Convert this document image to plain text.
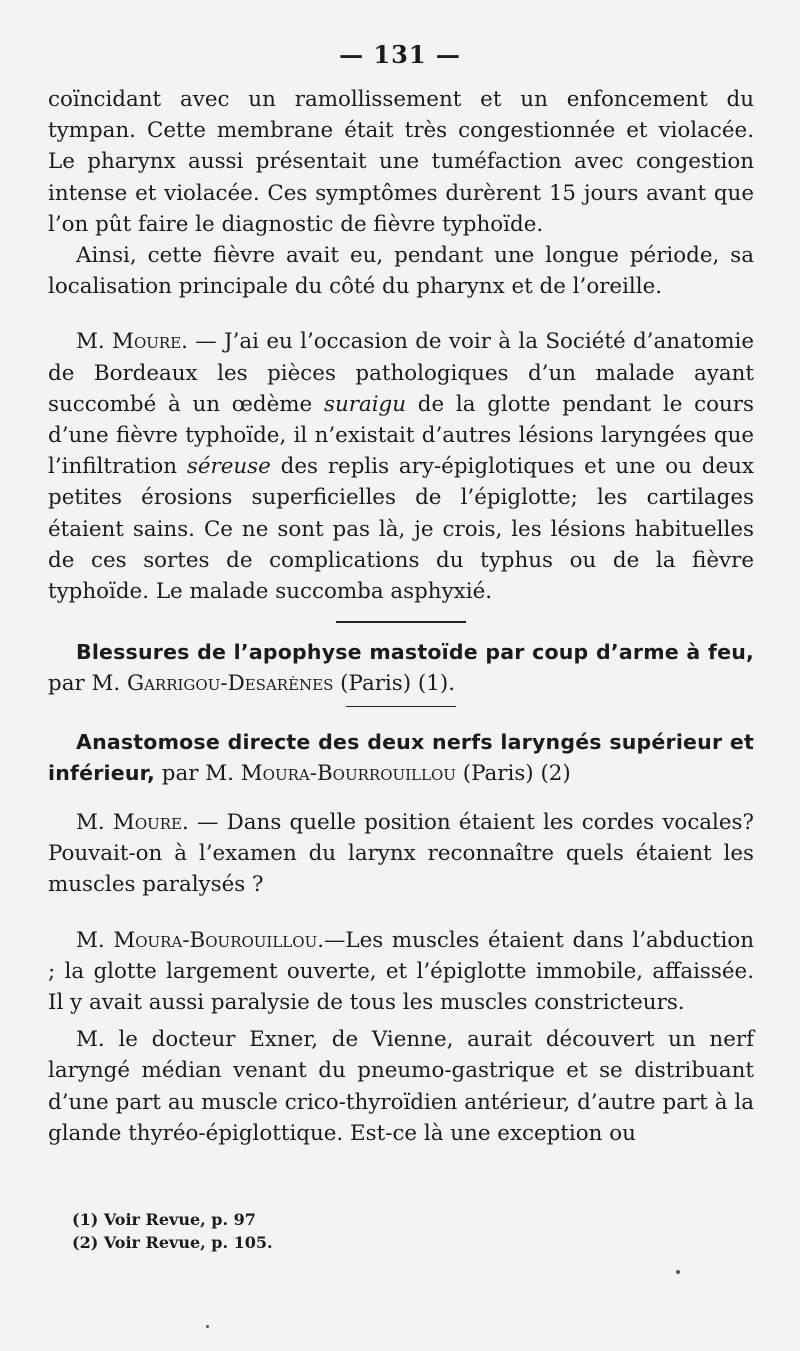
— 131 —

coïncidant avec un ramollissement et un enfoncement du tympan. Cette membrane était très congestionnée et violacée. Le pharynx aussi présentait une tuméfaction avec congestion intense et violacée. Ces symptômes durèrent 15 jours avant que l’on pût faire le diagnostic de fièvre typhoïde.

Ainsi, cette fièvre avait eu, pendant une longue période, sa localisation principale du côté du pharynx et de l’oreille.

M. Moure. — J’ai eu l’occasion de voir à la Société d’anatomie de Bordeaux les pièces pathologiques d’un malade ayant succombé à un œdème suraigu de la glotte pendant le cours d’une fièvre typhoïde, il n’existait d’autres lésions laryngées que l’infiltration séreuse des replis ary-épiglotiques et une ou deux petites érosions superficielles de l’épiglotte; les cartilages étaient sains. Ce ne sont pas là, je crois, les lésions habituelles de ces sortes de complications du typhus ou de la fièvre typhoïde. Le malade succomba asphyxié.

Blessures de l’apophyse mastoïde par coup d’arme à feu, par M. Garrigou-Desarènes (Paris) (1).

Anastomose directe des deux nerfs laryngés supérieur et inférieur, par M. Moura-Bourrouillou (Paris) (2)

M. Moure. — Dans quelle position étaient les cordes vocales? Pouvait-on à l’examen du larynx reconnaître quels étaient les muscles paralysés ?

M. Moura-Bourouillou.—Les muscles étaient dans l’abduction ; la glotte largement ouverte, et l’épiglotte immobile, affaissée. Il y avait aussi paralysie de tous les muscles constricteurs.

M. le docteur Exner, de Vienne, aurait découvert un nerf laryngé médian venant du pneumo-gastrique et se distribuant d’une part au muscle crico-thyroïdien antérieur, d’autre part à la glande thyréo-épiglottique. Est-ce là une exception ou

(1) Voir Revue, p. 97
(2) Voir Revue, p. 105.
